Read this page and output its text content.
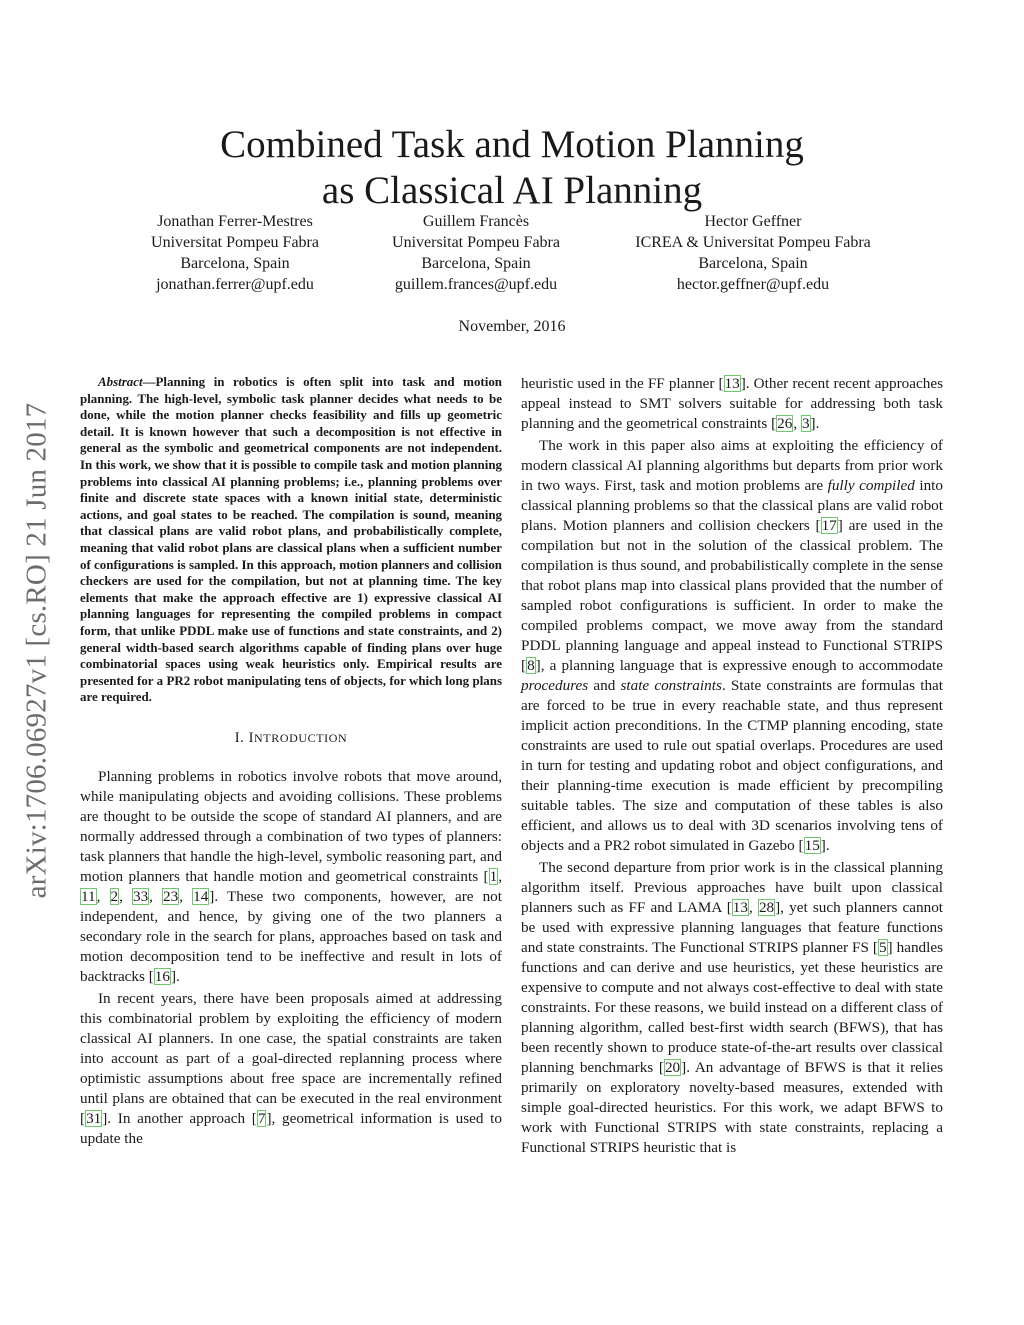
Combined Task and Motion Planning
as Classical AI Planning
Jonathan Ferrer-Mestres
Universitat Pompeu Fabra
Barcelona, Spain
jonathan.ferrer@upf.edu
Guillem Francès
Universitat Pompeu Fabra
Barcelona, Spain
guillem.frances@upf.edu
Hector Geffner
ICREA & Universitat Pompeu Fabra
Barcelona, Spain
hector.geffner@upf.edu
November, 2016
arXiv:1706.06927v1 [cs.RO] 21 Jun 2017

Abstract—Planning in robotics is often split into task and motion planning. The high-level, symbolic task planner decides what needs to be done, while the motion planner checks feasibility and fills up geometric detail. It is known however that such a decomposition is not effective in general as the symbolic and geometrical components are not independent. In this work, we show that it is possible to compile task and motion planning problems into classical AI planning problems; i.e., planning problems over finite and discrete state spaces with a known initial state, deterministic actions, and goal states to be reached. The compilation is sound, meaning that classical plans are valid robot plans, and probabilistically complete, meaning that valid robot plans are classical plans when a sufficient number of configurations is sampled. In this approach, motion planners and collision checkers are used for the compilation, but not at planning time. The key elements that make the approach effective are 1) expressive classical AI planning languages for representing the compiled problems in compact form, that unlike PDDL make use of functions and state constraints, and 2) general width-based search algorithms capable of finding plans over huge combinatorial spaces using weak heuristics only. Empirical results are presented for a PR2 robot manipulating tens of objects, for which long plans are required.

I. INTRODUCTION

Planning problems in robotics involve robots that move around, while manipulating objects and avoiding collisions. These problems are thought to be outside the scope of standard AI planners, and are normally addressed through a combination of two types of planners: task planners that handle the high-level, symbolic reasoning part, and motion planners that handle motion and geometrical constraints [1, 11, 2, 33, 23, 14]. These two components, however, are not independent, and hence, by giving one of the two planners a secondary role in the search for plans, approaches based on task and motion decomposition tend to be ineffective and result in lots of backtracks [16].

In recent years, there have been proposals aimed at addressing this combinatorial problem by exploiting the efficiency of modern classical AI planners. In one case, the spatial constraints are taken into account as part of a goal-directed replanning process where optimistic assumptions about free space are incrementally refined until plans are obtained that can be executed in the real environment [31]. In another approach [7], geometrical information is used to update the

heuristic used in the FF planner [13]. Other recent recent approaches appeal instead to SMT solvers suitable for addressing both task planning and the geometrical constraints [26, 3].

The work in this paper also aims at exploiting the efficiency of modern classical AI planning algorithms but departs from prior work in two ways. First, task and motion problems are fully compiled into classical planning problems so that the classical plans are valid robot plans. Motion planners and collision checkers [17] are used in the compilation but not in the solution of the classical problem. The compilation is thus sound, and probabilistically complete in the sense that robot plans map into classical plans provided that the number of sampled robot configurations is sufficient. In order to make the compiled problems compact, we move away from the standard PDDL planning language and appeal instead to Functional STRIPS [8], a planning language that is expressive enough to accommodate procedures and state constraints. State constraints are formulas that are forced to be true in every reachable state, and thus represent implicit action preconditions. In the CTMP planning encoding, state constraints are used to rule out spatial overlaps. Procedures are used in turn for testing and updating robot and object configurations, and their planning-time execution is made efficient by precompiling suitable tables. The size and computation of these tables is also efficient, and allows us to deal with 3D scenarios involving tens of objects and a PR2 robot simulated in Gazebo [15].

The second departure from prior work is in the classical planning algorithm itself. Previous approaches have built upon classical planners such as FF and LAMA [13, 28], yet such planners cannot be used with expressive planning languages that feature functions and state constraints. The Functional STRIPS planner FS [5] handles functions and can derive and use heuristics, yet these heuristics are expensive to compute and not always cost-effective to deal with state constraints. For these reasons, we build instead on a different class of planning algorithm, called best-first width search (BFWS), that has been recently shown to produce state-of-the-art results over classical planning benchmarks [20]. An advantage of BFWS is that it relies primarily on exploratory novelty-based measures, extended with simple goal-directed heuristics. For this work, we adapt BFWS to work with Functional STRIPS with state constraints, replacing a Functional STRIPS heuristic that is
